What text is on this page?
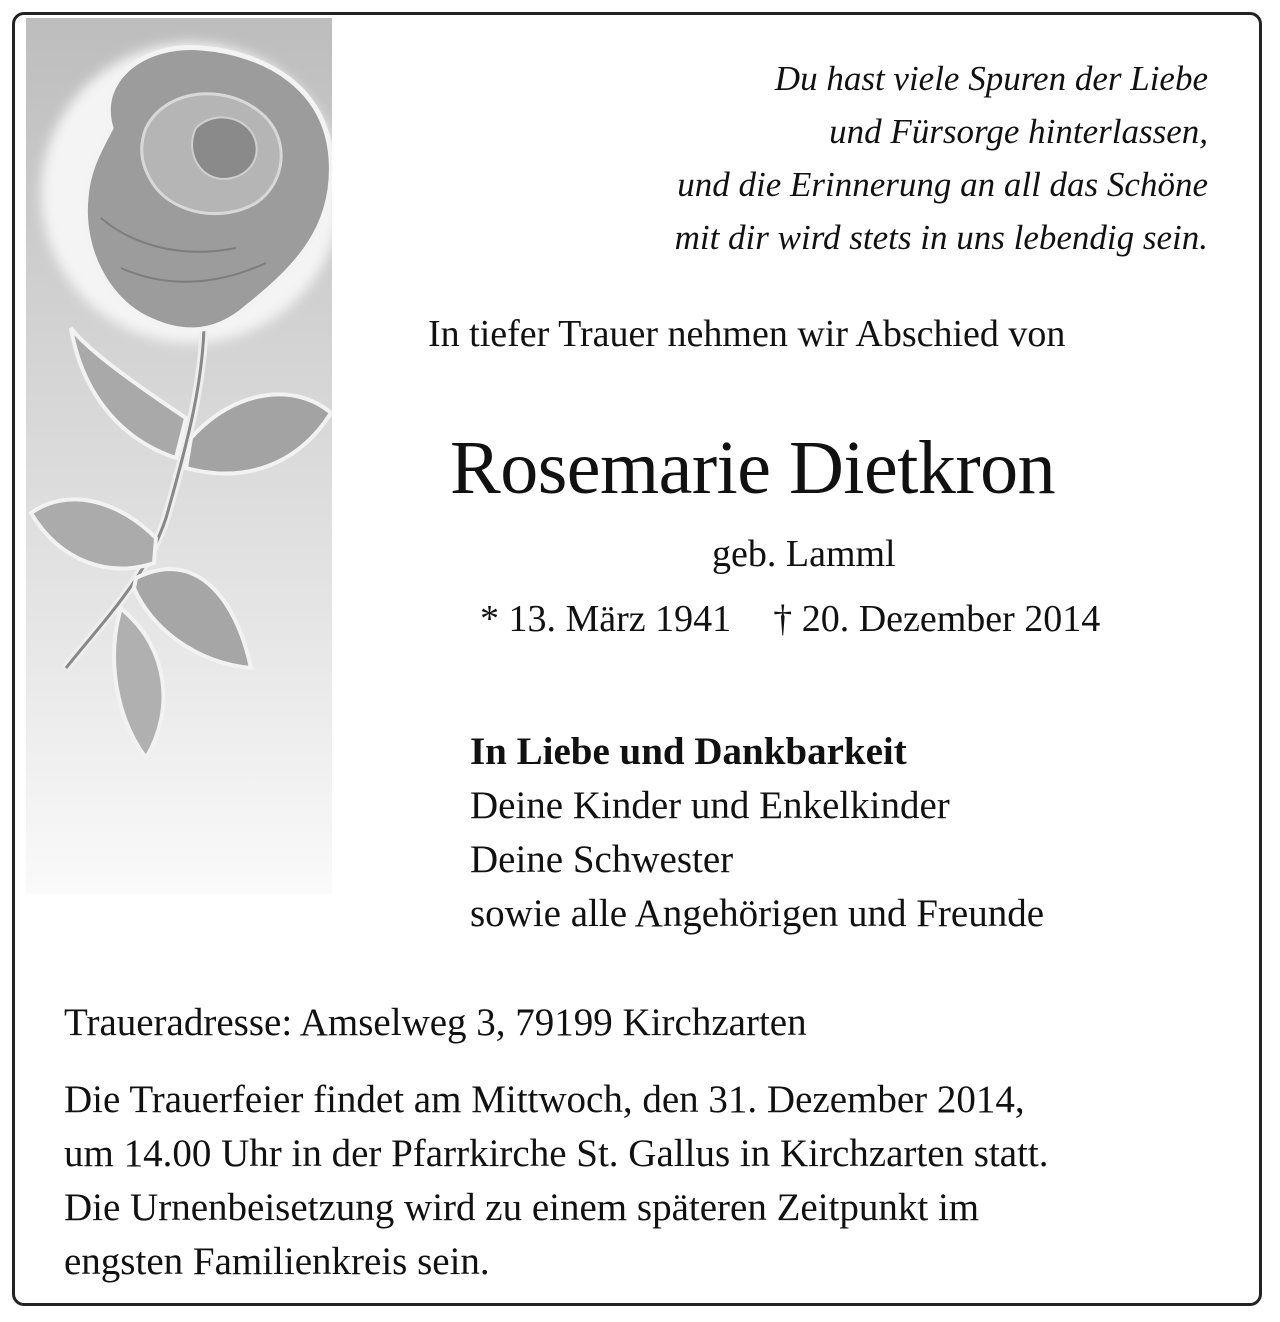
Du hast viele Spuren der Liebe
und Fürsorge hinterlassen,
und die Erinnerung an all das Schöne
mit dir wird stets in uns lebendig sein.
In tiefer Trauer nehmen wir Abschied von
Rosemarie Dietkron
geb. Lamml
* 13. März 1941 † 20. Dezember 2014
In Liebe und Dankbarkeit
Deine Kinder und Enkelkinder
Deine Schwester
sowie alle Angehörigen und Freunde
Traueradresse: Amselweg 3, 79199 Kirchzarten
Die Trauerfeier findet am Mittwoch, den 31. Dezember 2014,
um 14.00 Uhr in der Pfarrkirche St. Gallus in Kirchzarten statt.
Die Urnenbeisetzung wird zu einem späteren Zeitpunkt im
engsten Familienkreis sein.
